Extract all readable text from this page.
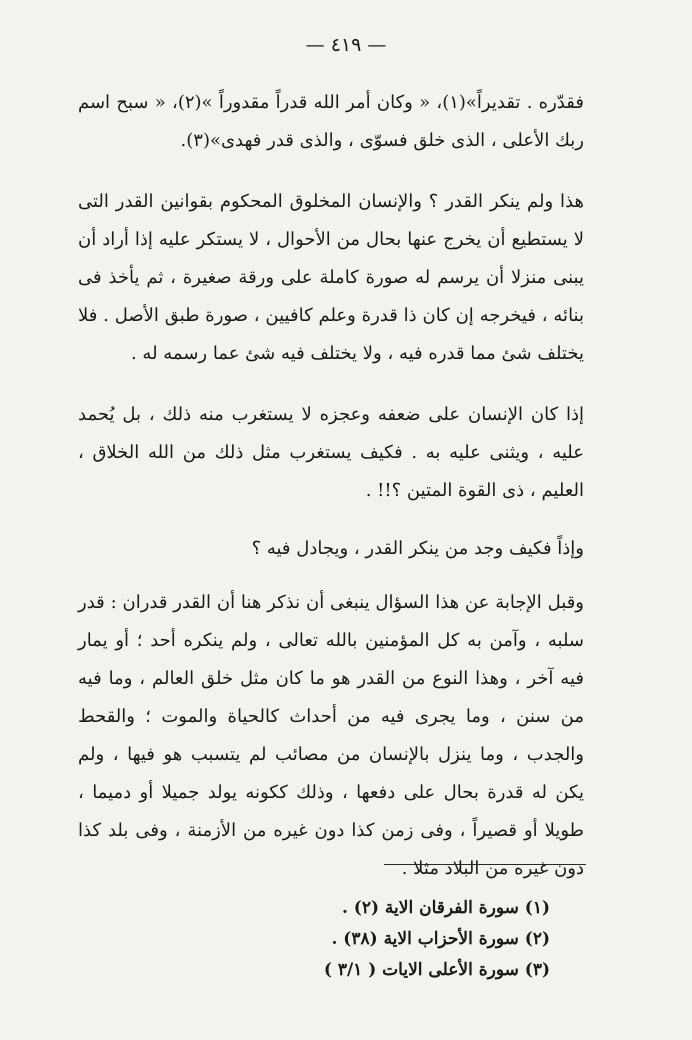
— ٤١٩ —

فقدّره . تقديراً»(١)، « وكان أمر الله قدراً مقدوراً »(٢)، « سبح اسم ربك الأعلى ، الذى خلق فسوّى ، والذى قدر فهدى»(٣).

هذا ولم ينكر القدر ؟ والإنسان المخلوق المحكوم بقوانين القدر التى لا يستطيع أن يخرج عنها بحال من الأحوال ، لا يستكر عليه إذا أراد أن يبنى منزلا أن يرسم له صورة كاملة على ورقة صغيرة ، ثم يأخذ فى بنائه ، فيخرجه إن كان ذا قدرة وعلم كافيين ، صورة طبق الأصل . فلا يختلف شئ مما قدره فيه ، ولا يختلف فيه شئ عما رسمه له .

إذا كان الإنسان على ضعفه وعجزه لا يستغرب منه ذلك ، بل يُحمد عليه ، ويثنى عليه به . فكيف يستغرب مثل ذلك من الله الخلاق ، العليم ، ذى القوة المتين ؟!! .

وإذاً فكيف وجد من ينكر القدر ، ويجادل فيه ؟

وقبل الإجابة عن هذا السؤال ينبغى أن نذكر هنا أن القدر قدران : قدر سلبه ، وآمن به كل المؤمنين بالله تعالى ، ولم ينكره أحد ؛ أو يمار فيه آخر ، وهذا النوع من القدر هو ما كان مثل خلق العالم ، وما فيه من سنن ، وما يجرى فيه من أحداث كالحياة والموت ؛ والقحط والجدب ، وما ينزل بالإنسان من مصائب لم يتسبب هو فيها ، ولم يكن له قدرة بحال على دفعها ، وذلك ككونه يولد جميلا أو دميما ، طويلا أو قصيراً ، وفى زمن كذا دون غيره من الأزمنة ، وفى بلد كذا دون غيره من البلاد مثلا .

(١) سورة الفرقان الاية (٢) .
(٢) سورة الأحزاب الاية (٣٨) .
(٣) سورة الأعلى الايات ( ٣/١ )
